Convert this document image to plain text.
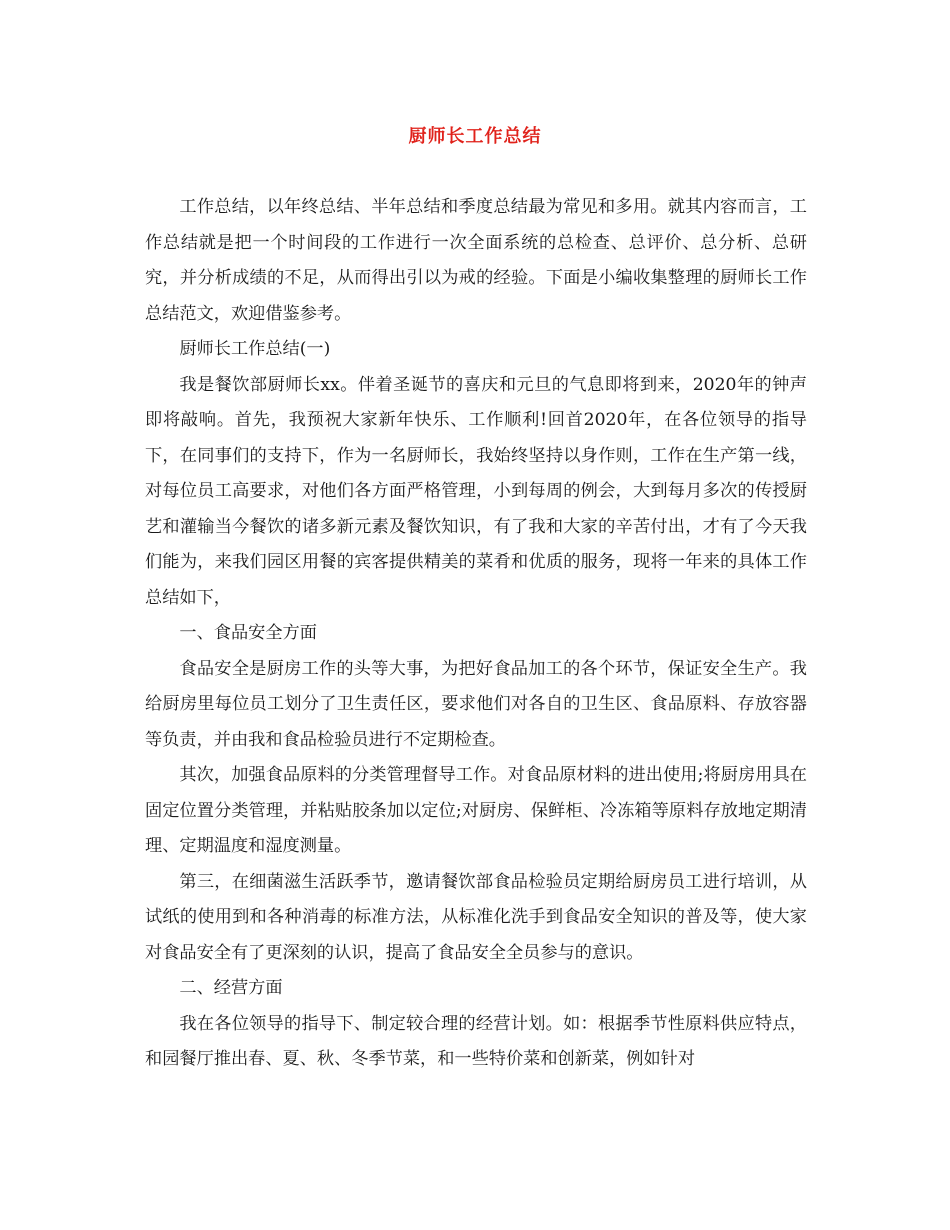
厨师长工作总结

工作总结，以年终总结、半年总结和季度总结最为常见和多用。就其内容而言，工作总结就是把一个时间段的工作进行一次全面系统的总检查、总评价、总分析、总研究，并分析成绩的不足，从而得出引以为戒的经验。下面是小编收集整理的厨师长工作总结范文，欢迎借鉴参考。

厨师长工作总结(一)

我是餐饮部厨师长xx。伴着圣诞节的喜庆和元旦的气息即将到来，2020年的钟声即将敲响。首先，我预祝大家新年快乐、工作顺利!回首2020年，在各位领导的指导下，在同事们的支持下，作为一名厨师长，我始终坚持以身作则，工作在生产第一线，对每位员工高要求，对他们各方面严格管理，小到每周的例会，大到每月多次的传授厨艺和灌输当今餐饮的诸多新元素及餐饮知识，有了我和大家的辛苦付出，才有了今天我们能为，来我们园区用餐的宾客提供精美的菜肴和优质的服务，现将一年来的具体工作总结如下，

一、食品安全方面

食品安全是厨房工作的头等大事，为把好食品加工的各个环节，保证安全生产。我给厨房里每位员工划分了卫生责任区，要求他们对各自的卫生区、食品原料、存放容器等负责，并由我和食品检验员进行不定期检查。

其次，加强食品原料的分类管理督导工作。对食品原材料的进出使用;将厨房用具在固定位置分类管理，并粘贴胶条加以定位;对厨房、保鲜柜、冷冻箱等原料存放地定期清理、定期温度和湿度测量。

第三，在细菌滋生活跃季节，邀请餐饮部食品检验员定期给厨房员工进行培训，从试纸的使用到和各种消毒的标准方法，从标准化洗手到食品安全知识的普及等，使大家对食品安全有了更深刻的认识，提高了食品安全全员参与的意识。

二、经营方面

我在各位领导的指导下、制定较合理的经营计划。如：根据季节性原料供应特点，和园餐厅推出春、夏、秋、冬季节菜，和一些特价菜和创新菜，例如针对
